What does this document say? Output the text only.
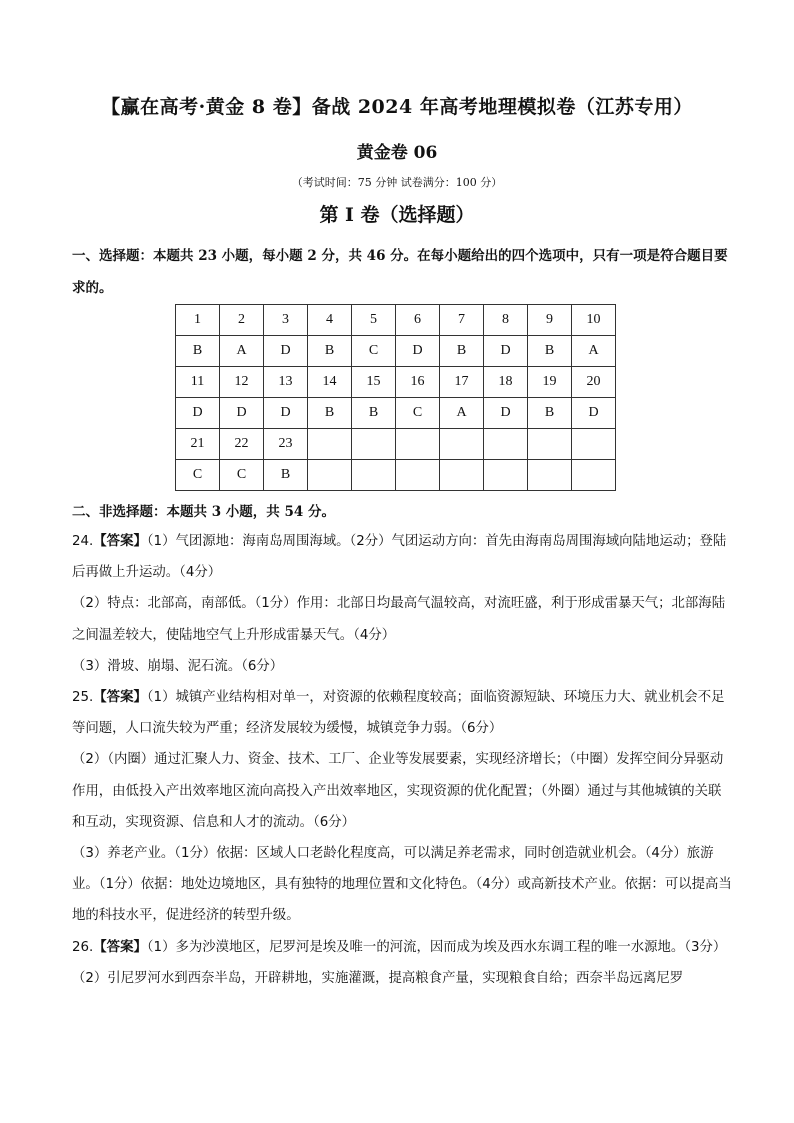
【赢在高考·黄金 8 卷】备战 2024 年高考地理模拟卷（江苏专用）
黄金卷 06
（考试时间：75 分钟 试卷满分：100 分）
第 I 卷（选择题）
一、选择题：本题共 23 小题，每小题 2 分，共 46 分。在每小题给出的四个选项中，只有一项是符合题目要求的。
1	2	3	4	5	6	7	8	9	10
B	A	D	B	C	D	B	D	B	A
11	12	13	14	15	16	17	18	19	20
D	D	D	B	B	C	A	D	B	D
21	22	23							
C	C	B							
二、非选择题：本题共 3 小题，共 54 分。

24.【答案】（1）气团源地：海南岛周围海域。（2分）气团运动方向：首先由海南岛周围海域向陆地运动；登陆后再做上升运动。（4分）

（2）特点：北部高，南部低。（1分）作用：北部日均最高气温较高，对流旺盛，利于形成雷暴天气；北部海陆之间温差较大，使陆地空气上升形成雷暴天气。（4分）

（3）滑坡、崩塌、泥石流。（6分）

25.【答案】（1）城镇产业结构相对单一，对资源的依赖程度较高；面临资源短缺、环境压力大、就业机会不足等问题，人口流失较为严重；经济发展较为缓慢，城镇竞争力弱。（6分）

（2）（内圈）通过汇聚人力、资金、技术、工厂、企业等发展要素，实现经济增长；（中圈）发挥空间分异驱动作用，由低投入产出效率地区流向高投入产出效率地区，实现资源的优化配置；（外圈）通过与其他城镇的关联和互动，实现资源、信息和人才的流动。（6分）

（3）养老产业。（1分）依据：区域人口老龄化程度高，可以满足养老需求，同时创造就业机会。（4分）旅游业。（1分）依据：地处边境地区，具有独特的地理位置和文化特色。（4分）或高新技术产业。依据：可以提高当地的科技水平，促进经济的转型升级。

26.【答案】（1）多为沙漠地区，尼罗河是埃及唯一的河流，因而成为埃及西水东调工程的唯一水源地。（3分）

（2）引尼罗河水到西奈半岛，开辟耕地，实施灌溉，提高粮食产量，实现粮食自给；西奈半岛远离尼罗
